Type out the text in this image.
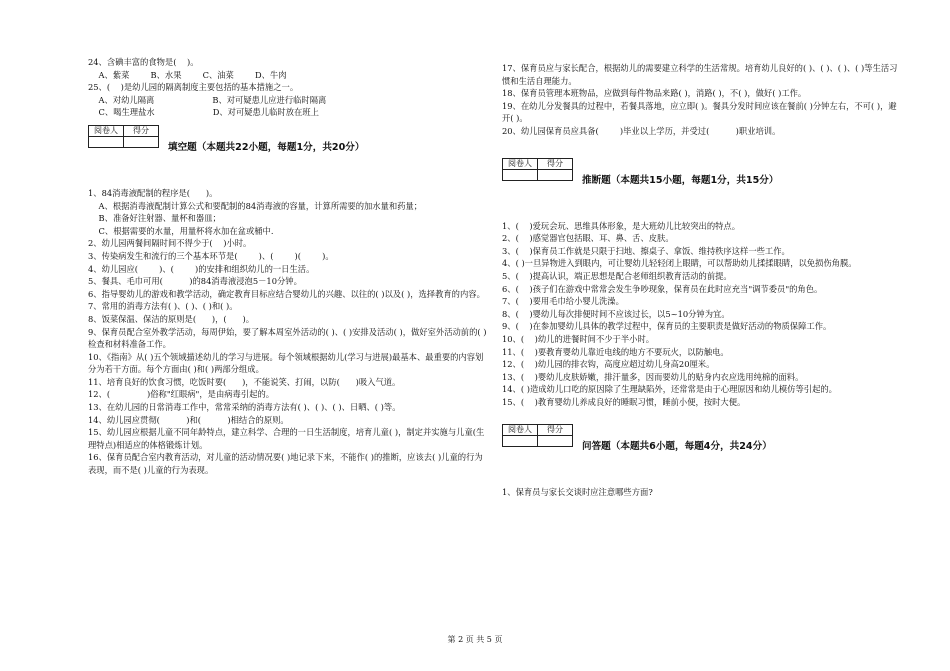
24、含碘丰富的食物是(    )。
A、紫菜        B、水果        C、油菜        D、牛肉
25、(    )是幼儿园的隔离制度主要包括的基本措施之一。
A、对幼儿隔离                      B、对可疑患儿应进行临时隔离
C、喝生理盐水                      D、对可疑患儿临时放在班上
阅卷人	得分

填空题（本题共22小题，每题1分，共20分）
1、84消毒液配制的程序是(      )。
A、根据消毒液配制计算公式和要配制的84消毒液的容量，计算所需要的加水量和药量；
B、准备好注射器、量杯和器皿；
C、根据需要的水量，用量杯将水加在盆或桶中.
2、幼儿园两餐间隔时间不得少于(    )小时。
3、传染病发生和流行的三个基本环节是(        )、(        )(        )。
4、幼儿园应(        )、(        )的安排和组织幼儿的一日生活。
5、餐具、毛巾可用(          )的84消毒液浸泡5－10分钟。
6、指导婴幼儿的游戏和教学活动，确定教育目标应结合婴幼儿的兴趣、以往的( )以及( )，选择教育的内容。
7、常用的消毒方法有( )、( )、( )和( )。
8、饭菜保温、保洁的原则是(      )，(      )。
9、保育员配合室外教学活动，每周伊始，要了解本周室外活动的( )、( )安排及活动( )，做好室外活动前的( )检查和材料准备工作。
10、《指南》从( )五个领域描述幼儿的学习与进展。每个领域根据幼儿(学习与进展)最基本、最重要的内容划分为若干方面。每个方面由( )和( )两部分组成。
11、培育良好的饮食习惯，吃饭时要(      )，不能说笑、打闹，以防(      )吸入气道。
12、(              )俗称"红眼病"，是由病毒引起的。
13、在幼儿园的日常消毒工作中，常常采纳的消毒方法有( )、( )、( )、日晒、( )等。
14、幼儿园应贯彻(          )和(          )相结合的原则。
15、幼儿园应根据儿童不同年龄特点，建立科学、合理的一日生活制度，培育儿童( )，制定并实施与儿童(生理特点)相适应的体格锻炼计划。
16、保育员配合室内教育活动，对儿童的活动情况要( )地记录下来，不能作( )的推断，应该去( )儿童的行为表现，而不是( )儿童的行为表现。
17、保育员应与家长配合，根据幼儿的需要建立科学的生活常规。培育幼儿良好的( )、( )、( )、( )等生活习惯和生活自理能力。
18、保育员管理本班物品，应做到每件物品来路( )，消路( )，不( )，做好( )工作。
19、在幼儿分发餐具的过程中，若餐具落地，应立即( )。餐具分发时间应该在餐前( )分钟左右，不可( )，避开( )。
20、幼儿园保育员应具备(        )毕业以上学历，并受过(          )职业培训。
阅卷人	得分

推断题（本题共15小题，每题1分，共15分）
1、(    )爱玩会玩、思维具体形象，是大班幼儿比较突出的特点。
2、(    )感觉器官包括眼、耳、鼻、舌、皮肤。
3、(    )保育员工作就是只限于扫地、擦桌子、拿饭、维持秩序这样一些工作。
4、( )一旦异物进入到眼内，可让婴幼儿轻轻闭上眼睛，可以帮助幼儿揉揉眼睛，以免损伤角膜。
5、(    )提高认识，端正思想是配合老师组织教育活动的前提。
6、(    )孩子们在游戏中常常会发生争吵现象，保育员在此时应充当"调节委员"的角色。
7、(    )要用毛巾给小婴儿洗澡。
8、(    )婴幼儿每次排便时间不应该过长，以5~10分钟为宜。
9、(    )在参加婴幼儿具体的教学过程中，保育员的主要职责是做好活动的物质保障工作。
10、(    )幼儿的进餐时间不少于半小时。
11、(    )要教育婴幼儿靠近电线的地方不要玩火，以防触电。
12、(    )幼儿园的排衣钩，高度应超过幼儿身高20厘米。
13、(    )婴幼儿皮肤娇嫩，排汗量多，因而要幼儿的贴身内衣应选用纯棉的面料。
14、( )造成幼儿口吃的原因除了生理缺陷外，还常常是由于心理原因和幼儿模仿等引起的。
15、(    )教育婴幼儿养成良好的睡眠习惯，睡前小便，按时大便。
阅卷人	得分

问答题（本题共6小题，每题4分，共24分）
1、保育员与家长交谈时应注意哪些方面?
第 2 页 共 5 页
